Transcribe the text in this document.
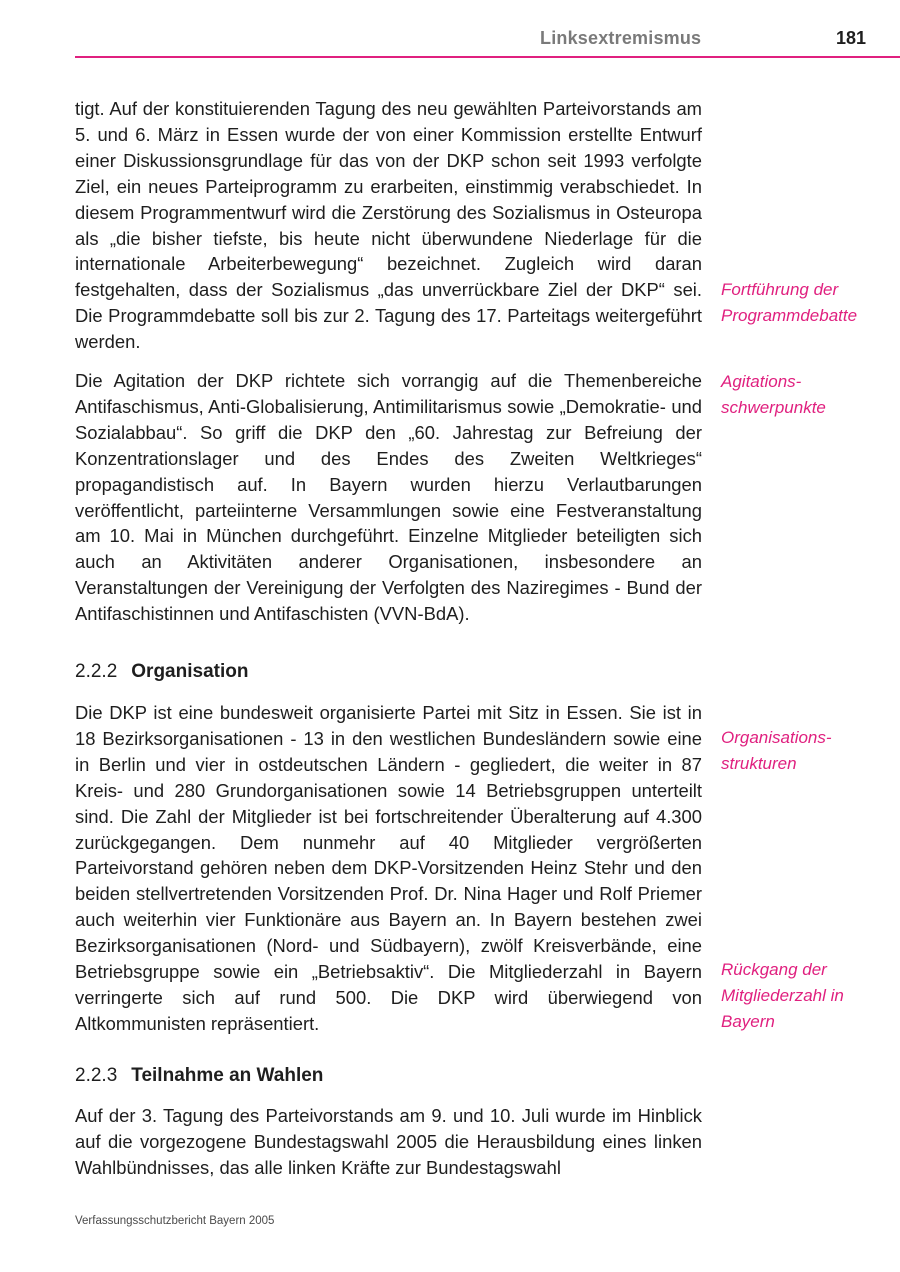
Linksextremismus	181

tigt. Auf der konstituierenden Tagung des neu gewählten Parteivorstands am 5. und 6. März in Essen wurde der von einer Kommission erstellte Entwurf einer Diskussionsgrundlage für das von der DKP schon seit 1993 verfolgte Ziel, ein neues Parteiprogramm zu erarbeiten, einstimmig verabschiedet. In diesem Programmentwurf wird die Zerstörung des Sozialismus in Osteuropa als „die bisher tiefste, bis heute nicht überwundene Niederlage für die internationale Arbeiterbewegung“ bezeichnet. Zugleich wird daran festgehalten, dass der Sozialismus „das unverrückbare Ziel der DKP“ sei. Die Programmdebatte soll bis zur 2. Tagung des 17. Parteitags weitergeführt werden.

Fortführung der Programmdebatte

Die Agitation der DKP richtete sich vorrangig auf die Themenbereiche Antifaschismus, Anti-Globalisierung, Antimilitarismus sowie „Demokratie- und Sozialabbau“. So griff die DKP den „60. Jahrestag zur Befreiung der Konzentrationslager und des Endes des Zweiten Weltkrieges“ propagandistisch auf. In Bayern wurden hierzu Verlautbarungen veröffentlicht, parteiinterne Versammlungen sowie eine Festveranstaltung am 10. Mai in München durchgeführt. Einzelne Mitglieder beteiligten sich auch an Aktivitäten anderer Organisationen, insbesondere an Veranstaltungen der Vereinigung der Verfolgten des Naziregimes - Bund der Antifaschistinnen und Antifaschisten (VVN-BdA).

Agitationsschwerpunkte
2.2.2 Organisation

Die DKP ist eine bundesweit organisierte Partei mit Sitz in Essen. Sie ist in 18 Bezirksorganisationen - 13 in den westlichen Bundesländern sowie eine in Berlin und vier in ostdeutschen Ländern - gegliedert, die weiter in 87 Kreis- und 280 Grundorganisationen sowie 14 Betriebsgruppen unterteilt sind. Die Zahl der Mitglieder ist bei fortschreitender Überalterung auf 4.300 zurückgegangen. Dem nunmehr auf 40 Mitglieder vergrößerten Parteivorstand gehören neben dem DKP-Vorsitzenden Heinz Stehr und den beiden stellvertretenden Vorsitzenden Prof. Dr. Nina Hager und Rolf Priemer auch weiterhin vier Funktionäre aus Bayern an. In Bayern bestehen zwei Bezirksorganisationen (Nord- und Südbayern), zwölf Kreisverbände, eine Betriebsgruppe sowie ein „Betriebsaktiv“. Die Mitgliederzahl in Bayern verringerte sich auf rund 500. Die DKP wird überwiegend von Altkommunisten repräsentiert.

Organisationsstrukturen
Rückgang der Mitgliederzahl in Bayern
2.2.3 Teilnahme an Wahlen

Auf der 3. Tagung des Parteivorstands am 9. und 10. Juli wurde im Hinblick auf die vorgezogene Bundestagswahl 2005 die Herausbildung eines linken Wahlbündnisses, das alle linken Kräfte zur Bundestagswahl

Verfassungsschutzbericht Bayern 2005
